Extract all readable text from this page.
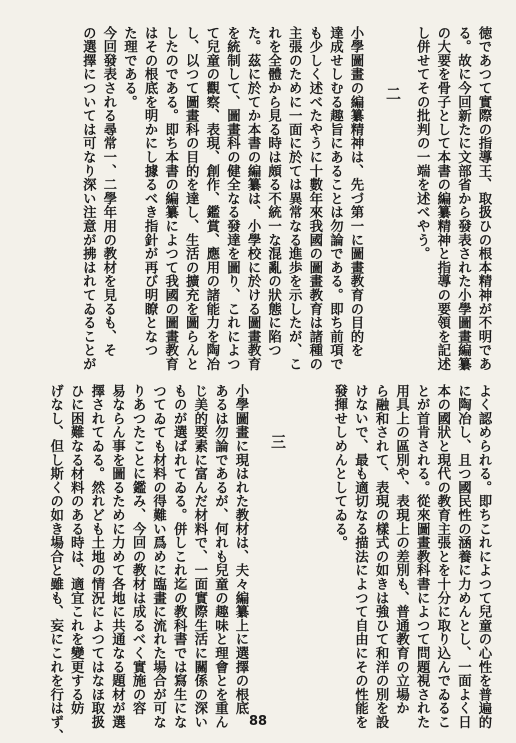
徳であつて實際の指導王、取扱ひの根本精神が不明であ
る。故に今回新たに文部省から發表された小學圖畫編纂
の大要を骨子として本書の編纂精神と指導の要領を記述
し併せてその批判の一端を述べやう。
二
小學圖畫の編纂精神は、先づ第一に圖畫教育の目的を
達成せしむる趣旨にあることは勿論である。即ち前項で
も少しく述べたやうに十數年來我國の圖畫教育は諸種の
主張のために一面に於ては異常なる進歩を示したが、こ
れを全體から見る時は頗る不統一な混亂の狀態に陷つ
た。茲に於てか本書の編纂は、小學校に於ける圖畫教育
を統制して、圖畫科の健全なる發達を圖り、これによつ
て兒童の觀察、表現、創作、鑑賞、應用の諸能力を陶冶
し、以つて圖畫科の目的を達し、生活の擴充を圖らんと
したのである。即ち本書の編纂によつて我國の圖畫教育
はその根底を明かにし據るべき指針が再び明瞭となつ
た理である。
今回發表される尋常一、二學年用の教材を見るも、そ
の選擇については可なり深い注意が拂はれてゐることが
よく認められる。即ちこれによつて兒童の心性を普遍的
に陶冶し、且つ國民性の涵養に力めんとし、一面よく日
本の國狀と現代の教育主張とを十分に取り込んでゐるこ
とが首肯される。從來圖畫教科書によつて問題視された
用具上の區別や、表現上の差別も、普通教育の立場か
ら融和されて、表現の樣式の如きは強ひて和洋の別を設
けないで、最も適切なる描法によつて自由にその性能を
發揮せしめんとしてゐる。
三
小學圖畫に現はれた教材は、夫々編纂上に選擇の根底
あるは勿論であるが、何れも兒童の趣味と理會とを重ん
じ美的要素に富んだ材料で、一面實際生活に關係の深い
ものが選ばれてゐる。併しこれ迄の教科書では寫生にな
つてゐても材料の得難い爲めに臨畫に流れた場合が可な
りあつたことに鑑み、今回の教材は成るべく實施の容
易ならん事を圖るために力めて各地に共通なる題材が選
擇されてゐる。然れども土地の情況によつてはなほ取扱
ひに困難なる材料のある時は、適宜これを變更する妨
げなし、但し斯くの如き場合と雖も、妄にこれを行はず、	88
